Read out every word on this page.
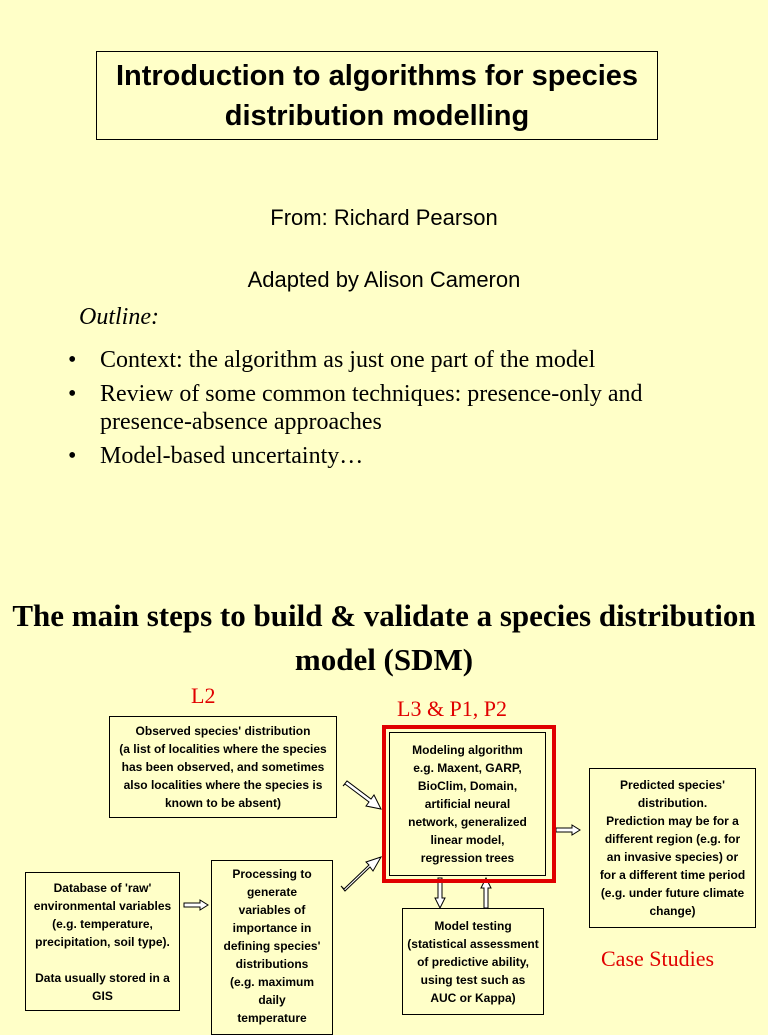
Introduction to algorithms for species distribution modelling
From: Richard Pearson
Adapted by Alison Cameron
Outline:
• Context: the algorithm as just one part of the model
• Review of some common techniques: presence-only and presence-absence approaches
• Model-based uncertainty…
The main steps to build & validate a species distribution model (SDM)
L2
L3 & P1, P2
Case Studies
Observed species' distribution
(a list of localities where the species
has been observed, and sometimes
also localities where the species is
known to be absent)
Database of 'raw'
environmental variables
(e.g. temperature,
precipitation, soil type).

Data usually stored in a
GIS
Processing to
generate
variables of
importance in
defining species'
distributions
(e.g. maximum
daily
temperature
Modeling algorithm
e.g. Maxent, GARP,
BioClim, Domain,
artificial neural
network, generalized
linear model,
regression trees
Model testing
(statistical assessment
of predictive ability,
using test such as
AUC or Kappa)
Predicted species'
distribution.
Prediction may be for a
different region (e.g. for
an invasive species) or
for a different time period
(e.g. under future climate
change)
